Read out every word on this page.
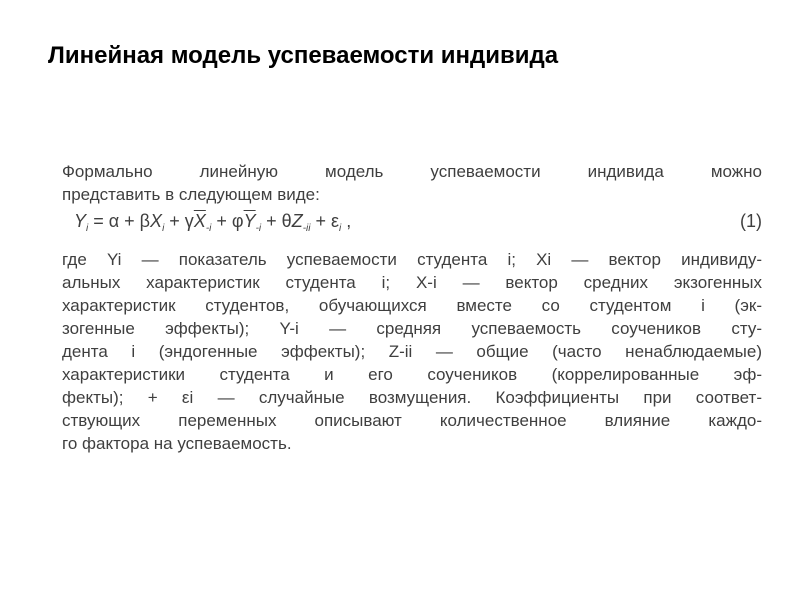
Линейная модель успеваемости индивида
Формально линейную модель успеваемости индивида можно
представить в следующем виде:
$Y_i = \alpha + \beta X_i + \gamma\overline{X}_{-i} + \varphi\overline{Y}_{-i} + \theta Z_{-ii} + \varepsilon_i$ ,	(1)
где Yi — показатель успеваемости студента i; Xi — вектор индивиду-
альных характеристик студента i; X-i — вектор средних экзогенных
характеристик студентов, обучающихся вместе со студентом i (эк-
зогенные эффекты); Y-i — средняя успеваемость соучеников сту-
дента i (эндогенные эффекты); Z-ii — общие (часто ненаблюдаемые)
характеристики студента и его соучеников (коррелированные эф-
фекты); + εi — случайные возмущения. Коэффициенты при соответ-
ствующих переменных описывают количественное влияние каждо-
го фактора на успеваемость.
